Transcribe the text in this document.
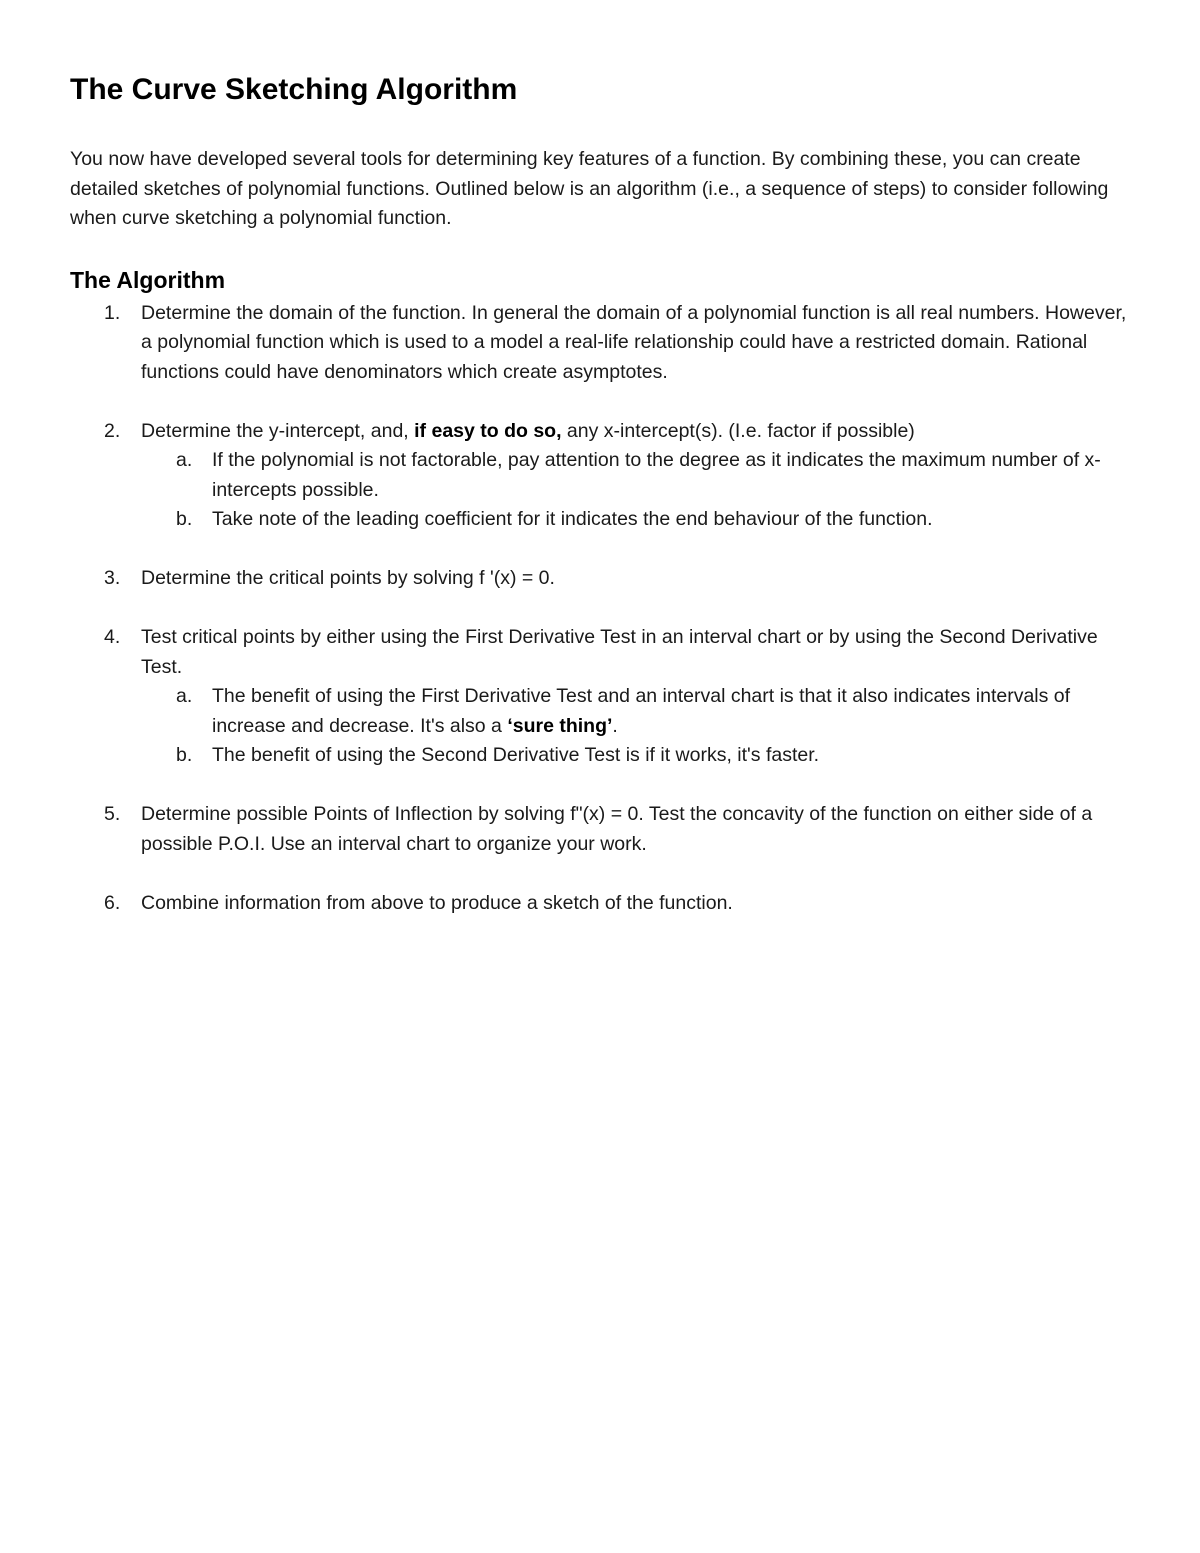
The Curve Sketching Algorithm

You now have developed several tools for determining key features of a function. By combining these, you can create detailed sketches of polynomial functions. Outlined below is an algorithm (i.e., a sequence of steps) to consider following when curve sketching a polynomial function.

The Algorithm
1. Determine the domain of the function. In general the domain of a polynomial function is all real numbers. However, a polynomial function which is used to a model a real-life relationship could have a restricted domain. Rational functions could have denominators which create asymptotes.
2. Determine the y-intercept, and, if easy to do so, any x-intercept(s). (I.e. factor if possible)
a. If the polynomial is not factorable, pay attention to the degree as it indicates the maximum number of x-intercepts possible.
b. Take note of the leading coefficient for it indicates the end behaviour of the function.
3. Determine the critical points by solving f '(x) = 0.
4. Test critical points by either using the First Derivative Test in an interval chart or by using the Second Derivative Test.
a. The benefit of using the First Derivative Test and an interval chart is that it also indicates intervals of increase and decrease. It's also a ‘sure thing’.
b. The benefit of using the Second Derivative Test is if it works, it's faster.
5. Determine possible Points of Inflection by solving f"(x) = 0. Test the concavity of the function on either side of a possible P.O.I. Use an interval chart to organize your work.
6. Combine information from above to produce a sketch of the function.
